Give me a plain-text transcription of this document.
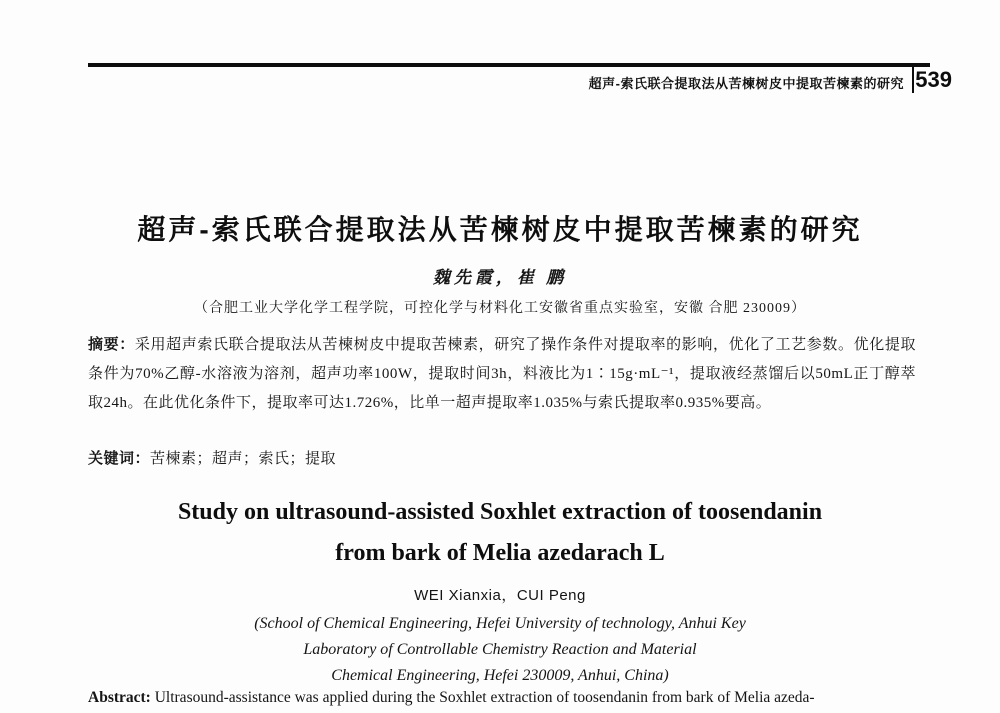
超声-索氏联合提取法从苦楝树皮中提取苦楝素的研究 539
超声-索氏联合提取法从苦楝树皮中提取苦楝素的研究
魏先霞，崔 鹏
（合肥工业大学化学工程学院，可控化学与材料化工安徽省重点实验室，安徽 合肥 230009）
摘要：采用超声索氏联合提取法从苦楝树皮中提取苦楝素，研究了操作条件对提取率的影响，优化了工艺参数。优化提取条件为70%乙醇-水溶液为溶剂，超声功率100W，提取时间3h，料液比为1∶15g·mL⁻¹，提取液经蒸馏后以50mL正丁醇萃取24h。在此优化条件下，提取率可达1.726%，比单一超声提取率1.035%与索氏提取率0.935%要高。
关键词：苦楝素；超声；索氏；提取
Study on ultrasound-assisted Soxhlet extraction of toosendanin
from bark of Melia azedarach L
WEI Xianxia，CUI Peng
(School of Chemical Engineering, Hefei University of technology, Anhui Key
Laboratory of Controllable Chemistry Reaction and Material
Chemical Engineering, Hefei 230009, Anhui, China)
Abstract: Ultrasound-assistance was applied during the Soxhlet extraction of toosendanin from bark of Melia azeda-
